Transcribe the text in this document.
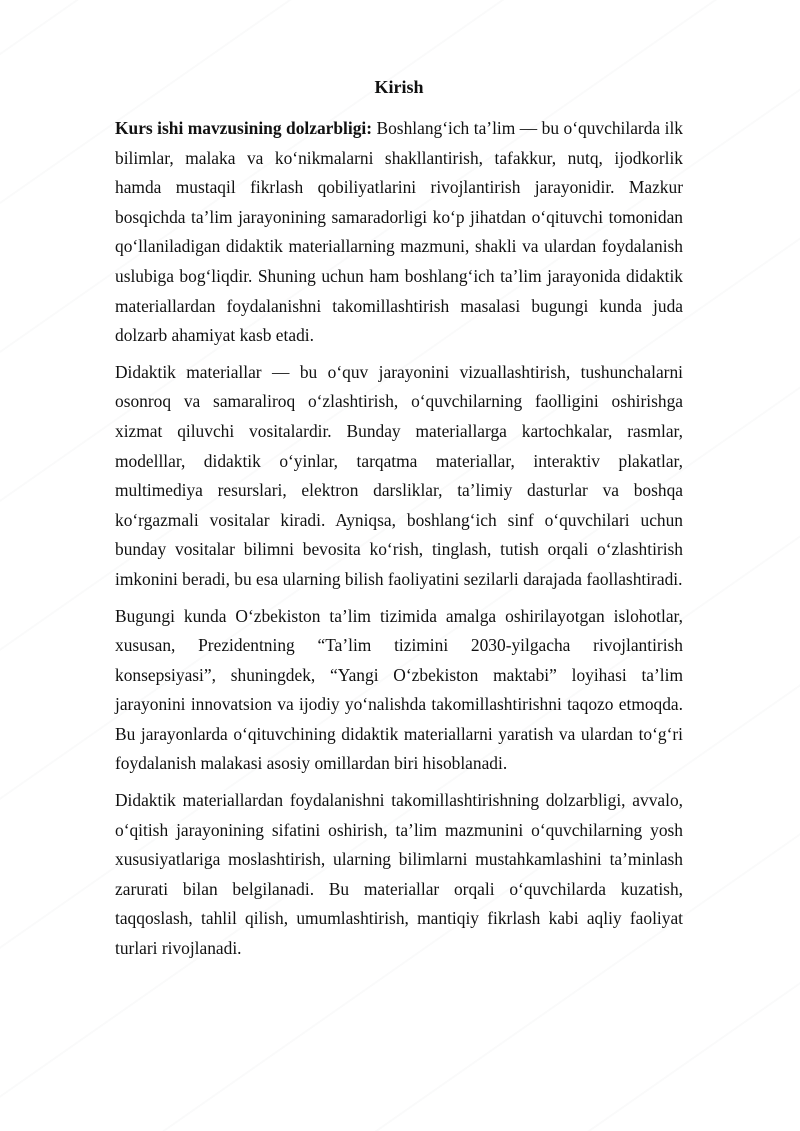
Kirish

Kurs ishi mavzusining dolzarbligi: Boshlang‘ich ta’lim — bu o‘quvchilarda ilk bilimlar, malaka va ko‘nikmalarni shakllantirish, tafakkur, nutq, ijodkorlik hamda mustaqil fikrlash qobiliyatlarini rivojlantirish jarayonidir. Mazkur bosqichda ta’lim jarayonining samaradorligi ko‘p jihatdan o‘qituvchi tomonidan qo‘llaniladigan didaktik materiallarning mazmuni, shakli va ulardan foydalanish uslubiga bog‘liqdir. Shuning uchun ham boshlang‘ich ta’lim jarayonida didaktik materiallardan foydalanishni takomillashtirish masalasi bugungi kunda juda dolzarb ahamiyat kasb etadi.

Didaktik materiallar — bu o‘quv jarayonini vizuallashtirish, tushunchalarni osonroq va samaraliroq o‘zlashtirish, o‘quvchilarning faolligini oshirishga xizmat qiluvchi vositalardir. Bunday materiallarga kartochkalar, rasmlar, modelllar, didaktik o‘yinlar, tarqatma materiallar, interaktiv plakatlar, multimediya resurslari, elektron darsliklar, ta’limiy dasturlar va boshqa ko‘rgazmali vositalar kiradi. Ayniqsa, boshlang‘ich sinf o‘quvchilari uchun bunday vositalar bilimni bevosita ko‘rish, tinglash, tutish orqali o‘zlashtirish imkonini beradi, bu esa ularning bilish faoliyatini sezilarli darajada faollashtiradi.

Bugungi kunda O‘zbekiston ta’lim tizimida amalga oshirilayotgan islohotlar, xususan, Prezidentning “Ta’lim tizimini 2030-yilgacha rivojlantirish konsepsiyasi”, shuningdek, “Yangi O‘zbekiston maktabi” loyihasi ta’lim jarayonini innovatsion va ijodiy yo‘nalishda takomillashtirishni taqozo etmoqda. Bu jarayonlarda o‘qituvchining didaktik materiallarni yaratish va ulardan to‘g‘ri foydalanish malakasi asosiy omillardan biri hisoblanadi.

Didaktik materiallardan foydalanishni takomillashtirishning dolzarbligi, avvalo, o‘qitish jarayonining sifatini oshirish, ta’lim mazmunini o‘quvchilarning yosh xususiyatlariga moslashtirish, ularning bilimlarni mustahkamlashini ta’minlash zarurati bilan belgilanadi. Bu materiallar orqali o‘quvchilarda kuzatish, taqqoslash, tahlil qilish, umumlashtirish, mantiqiy fikrlash kabi aqliy faoliyat turlari rivojlanadi.
